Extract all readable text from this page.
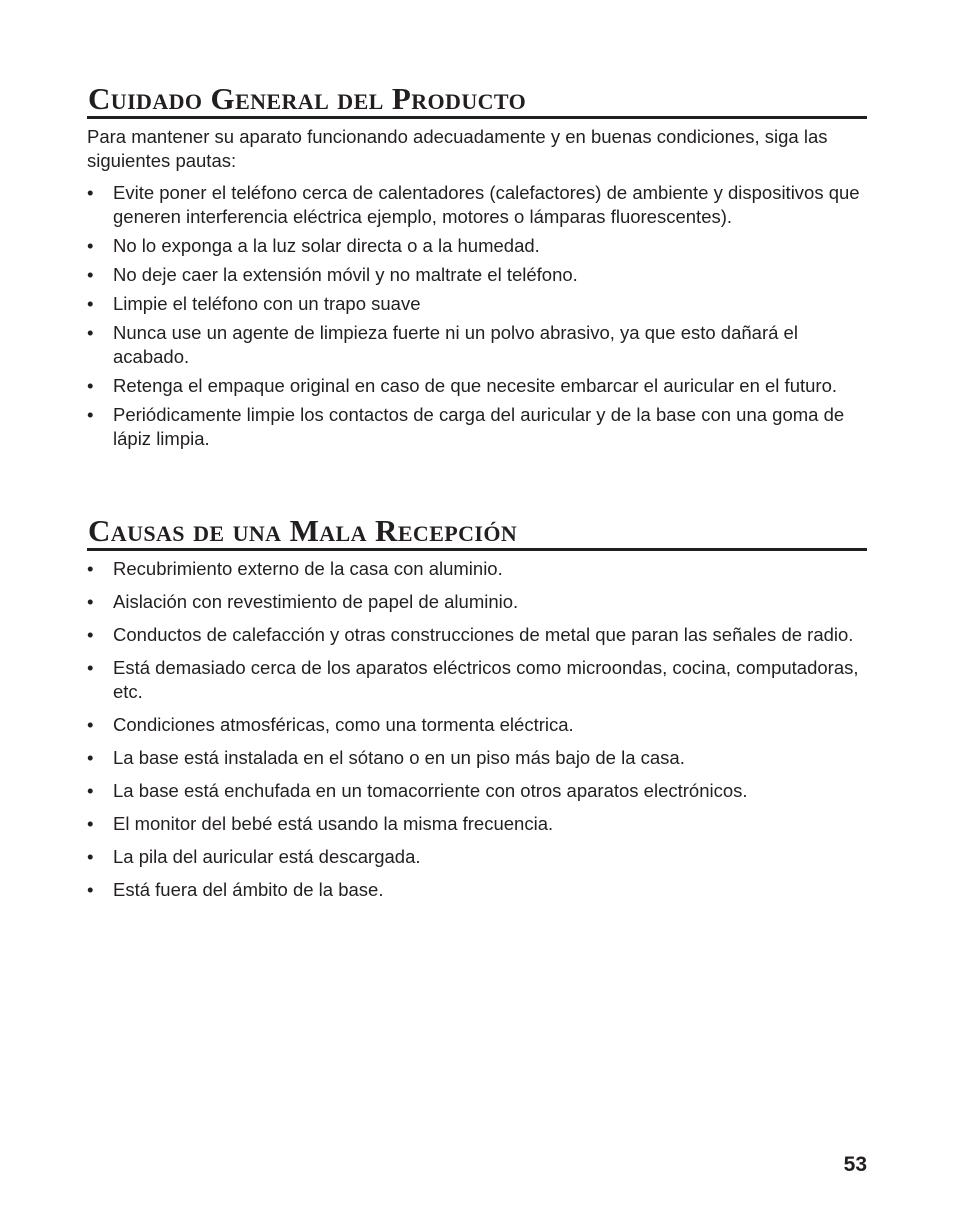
Cuidado General del Producto

Para mantener su aparato funcionando adecuadamente y en buenas condiciones, siga las siguientes pautas:

• Evite poner el teléfono cerca de calentadores (calefactores) de ambiente y dispositivos que generen interferencia eléctrica ejemplo, motores o lámparas fluorescentes).
• No lo exponga a la luz solar directa o a la humedad.
• No deje caer la extensión móvil y no maltrate el teléfono.
• Limpie el teléfono con un trapo suave
• Nunca use un agente de limpieza fuerte ni un polvo abrasivo, ya que esto dañará el acabado.
• Retenga el empaque original en caso de que necesite embarcar el auricular en el futuro.
• Periódicamente limpie los contactos de carga del auricular y de la base con una goma de lápiz limpia.
Causas de una Mala Recepción
• Recubrimiento externo de la casa con aluminio.
• Aislación con revestimiento de papel de aluminio.
• Conductos de calefacción y otras construcciones de metal que paran las señales de radio.
• Está demasiado cerca de los aparatos eléctricos como microondas, cocina, computadoras, etc.
• Condiciones atmosféricas, como una tormenta eléctrica.
• La base está instalada en el sótano o en un piso más bajo de la casa.
• La base está enchufada en un tomacorriente con otros aparatos electrónicos.
• El monitor del bebé está usando la misma frecuencia.
• La pila del auricular está descargada.
• Está fuera del ámbito de la base.
53
